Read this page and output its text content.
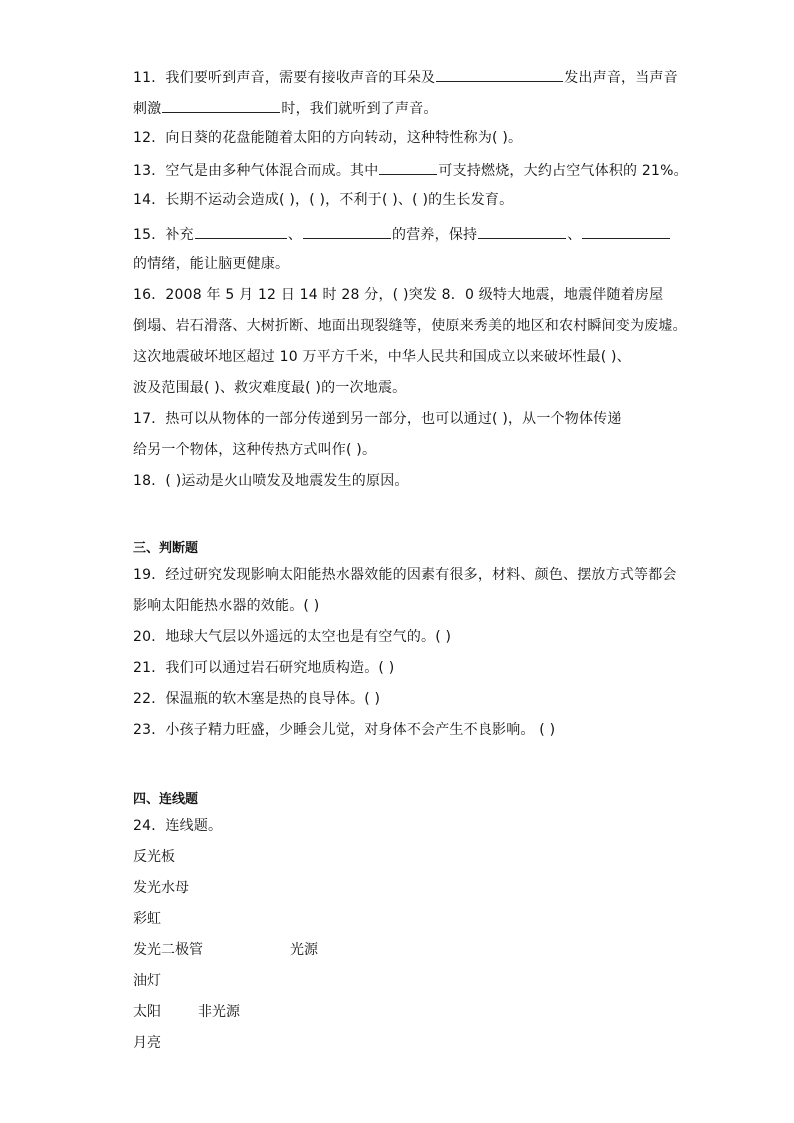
11．我们要听到声音，需要有接收声音的耳朵及	发出声音，当声音
刺激	时，我们就听到了声音。
12．向日葵的花盘能随着太阳的方向转动，这种特性称为( )。
13．空气是由多种气体混合而成。其中	可支持燃烧，大约占空气体积的 21%。
14．长期不运动会造成( )，( )，不利于( )、( )的生长发育。
15．补充	、	的营养，保持	、
的情绪，能让脑更健康。
16．2008 年 5 月 12 日 14 时 28 分，( )突发 8．0 级特大地震，地震伴随着房屋
倒塌、岩石滑落、大树折断、地面出现裂缝等，使原来秀美的地区和农村瞬间变为废墟。
这次地震破坏地区超过 10 万平方千米，中华人民共和国成立以来破坏性最( )、
波及范围最( )、救灾难度最( )的一次地震。
17．热可以从物体的一部分传递到另一部分，也可以通过( )，从一个物体传递
给另一个物体，这种传热方式叫作( )。
18．( )运动是火山喷发及地震发生的原因。
三、判断题
19．经过研究发现影响太阳能热水器效能的因素有很多，材料、颜色、摆放方式等都会
影响太阳能热水器的效能。( )
20．地球大气层以外遥远的太空也是有空气的。( )
21．我们可以通过岩石研究地质构造。( )
22．保温瓶的软木塞是热的良导体。( )
23．小孩子精力旺盛，少睡会儿觉，对身体不会产生不良影响。 ( )
四、连线题
24．连线题。
反光板
发光水母
彩虹
发光二极管
油灯
太阳
月亮
光源
非光源
